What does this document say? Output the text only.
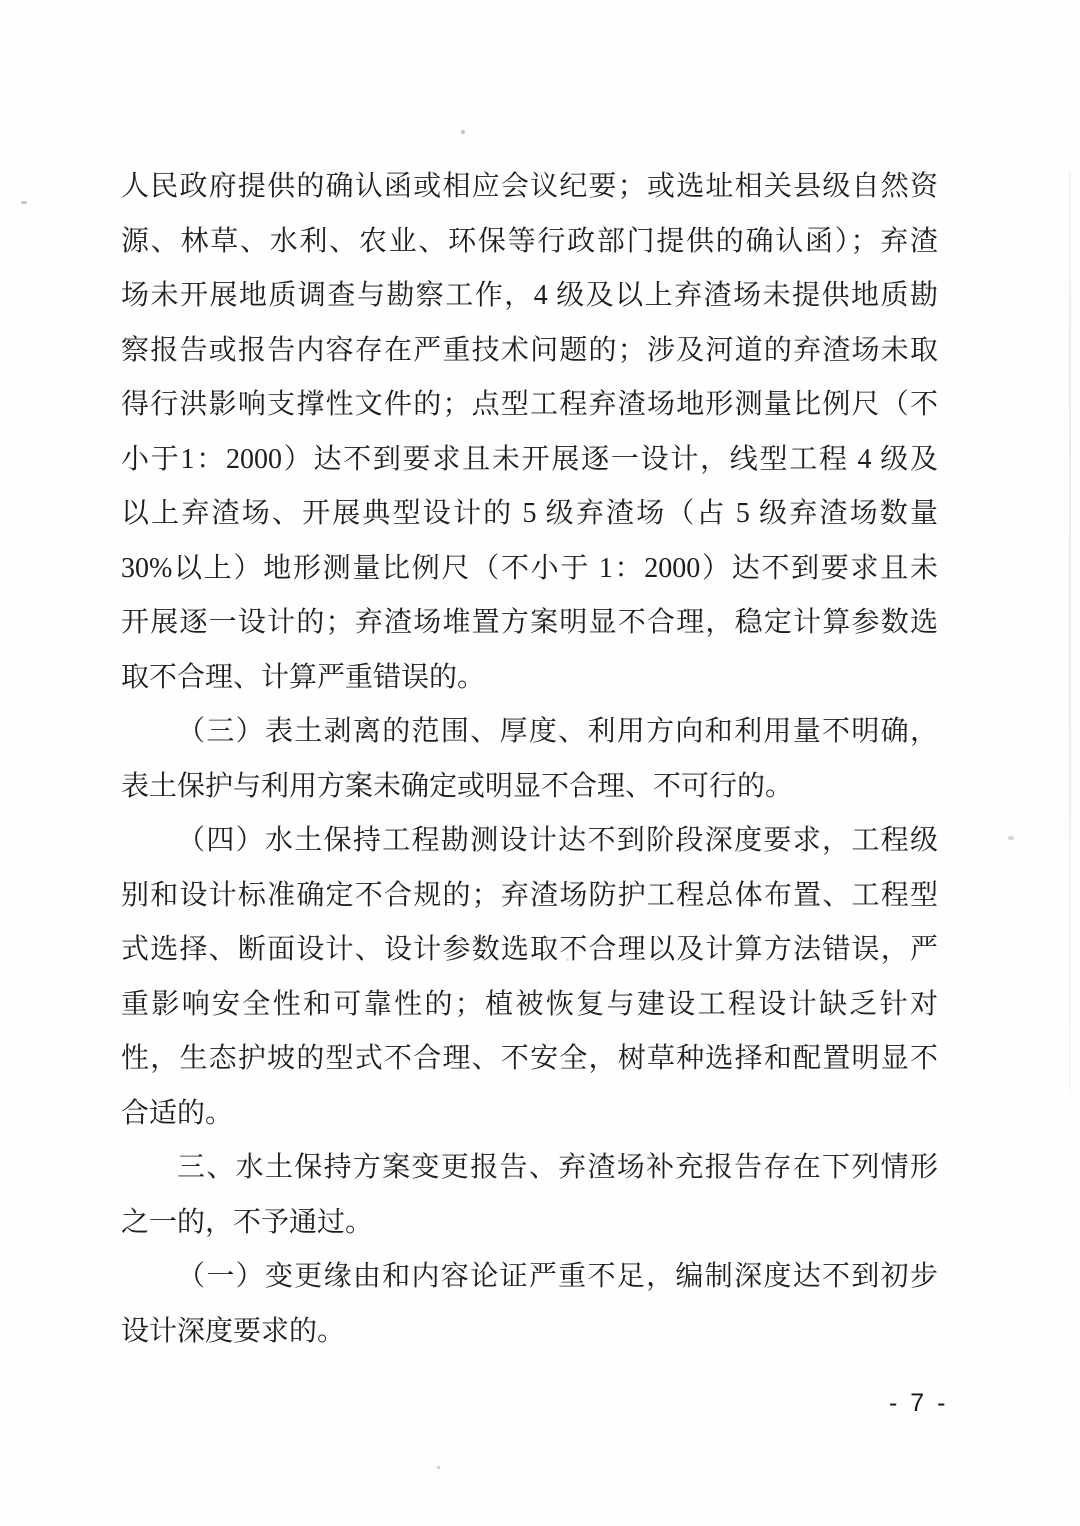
人民政府提供的确认函或相应会议纪要；或选址相关县级自然资
源、林草、水利、农业、环保等行政部门提供的确认函）；弃渣
场未开展地质调查与勘察工作，4 级及以上弃渣场未提供地质勘
察报告或报告内容存在严重技术问题的；涉及河道的弃渣场未取
得行洪影响支撑性文件的；点型工程弃渣场地形测量比例尺（不
小于1：2000）达不到要求且未开展逐一设计，线型工程 4 级及
以上弃渣场、开展典型设计的 5 级弃渣场（占 5 级弃渣场数量
30%以上）地形测量比例尺（不小于 1：2000）达不到要求且未
开展逐一设计的；弃渣场堆置方案明显不合理，稳定计算参数选
取不合理、计算严重错误的。
（三）表土剥离的范围、厚度、利用方向和利用量不明确，
表土保护与利用方案未确定或明显不合理、不可行的。
（四）水土保持工程勘测设计达不到阶段深度要求，工程级
别和设计标准确定不合规的；弃渣场防护工程总体布置、工程型
式选择、断面设计、设计参数选取不合理以及计算方法错误，严
重影响安全性和可靠性的；植被恢复与建设工程设计缺乏针对
性，生态护坡的型式不合理、不安全，树草种选择和配置明显不
合适的。
三、水土保持方案变更报告、弃渣场补充报告存在下列情形
之一的，不予通过。
（一）变更缘由和内容论证严重不足，编制深度达不到初步
设计深度要求的。
- 7 -
